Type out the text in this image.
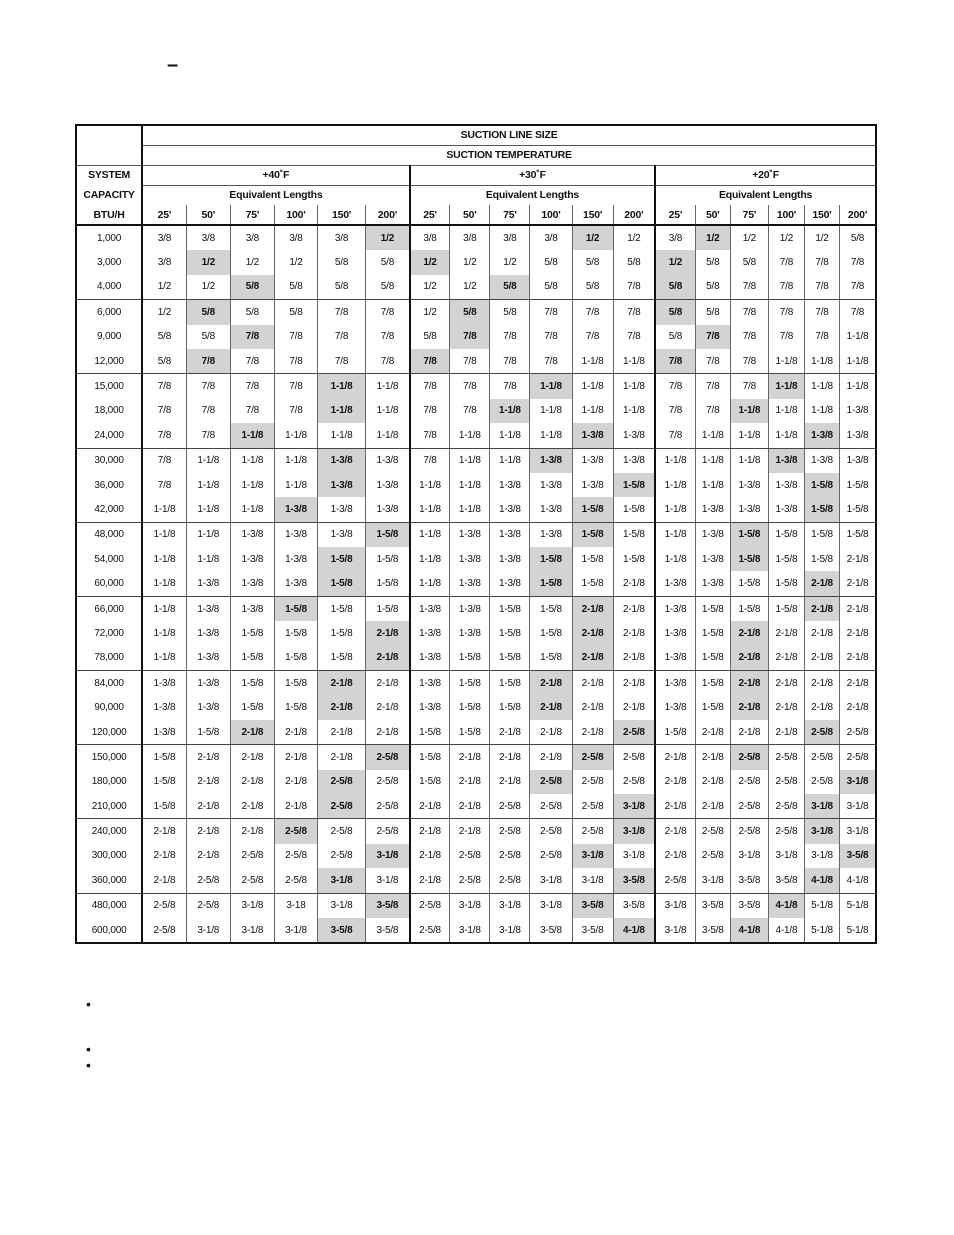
–
	SUCTION LINE SIZE																	
	SUCTION TEMPERATURE																	
SYSTEM	+40˚F						+30˚F						+20˚F					
CAPACITY	Equivalent Lengths						Equivalent Lengths						Equivalent Lengths					
BTU/H	25'	50'	75'	100'	150'	200'	25'	50'	75'	100'	150'	200'	25'	50'	75'	100'	150'	200'
1,000	3/8	3/8	3/8	3/8	3/8	1/2	3/8	3/8	3/8	3/8	1/2	1/2	3/8	1/2	1/2	1/2	1/2	5/8
3,000	3/8	1/2	1/2	1/2	5/8	5/8	1/2	1/2	1/2	5/8	5/8	5/8	1/2	5/8	5/8	7/8	7/8	7/8
4,000	1/2	1/2	5/8	5/8	5/8	5/8	1/2	1/2	5/8	5/8	5/8	7/8	5/8	5/8	7/8	7/8	7/8	7/8
6,000	1/2	5/8	5/8	5/8	7/8	7/8	1/2	5/8	5/8	7/8	7/8	7/8	5/8	5/8	7/8	7/8	7/8	7/8
9,000	5/8	5/8	7/8	7/8	7/8	7/8	5/8	7/8	7/8	7/8	7/8	7/8	5/8	7/8	7/8	7/8	7/8	1-1/8
12,000	5/8	7/8	7/8	7/8	7/8	7/8	7/8	7/8	7/8	7/8	1-1/8	1-1/8	7/8	7/8	7/8	1-1/8	1-1/8	1-1/8
15,000	7/8	7/8	7/8	7/8	1-1/8	1-1/8	7/8	7/8	7/8	1-1/8	1-1/8	1-1/8	7/8	7/8	7/8	1-1/8	1-1/8	1-1/8
18,000	7/8	7/8	7/8	7/8	1-1/8	1-1/8	7/8	7/8	1-1/8	1-1/8	1-1/8	1-1/8	7/8	7/8	1-1/8	1-1/8	1-1/8	1-3/8
24,000	7/8	7/8	1-1/8	1-1/8	1-1/8	1-1/8	7/8	1-1/8	1-1/8	1-1/8	1-3/8	1-3/8	7/8	1-1/8	1-1/8	1-1/8	1-3/8	1-3/8
30,000	7/8	1-1/8	1-1/8	1-1/8	1-3/8	1-3/8	7/8	1-1/8	1-1/8	1-3/8	1-3/8	1-3/8	1-1/8	1-1/8	1-1/8	1-3/8	1-3/8	1-3/8
36,000	7/8	1-1/8	1-1/8	1-1/8	1-3/8	1-3/8	1-1/8	1-1/8	1-3/8	1-3/8	1-3/8	1-5/8	1-1/8	1-1/8	1-3/8	1-3/8	1-5/8	1-5/8
42,000	1-1/8	1-1/8	1-1/8	1-3/8	1-3/8	1-3/8	1-1/8	1-1/8	1-3/8	1-3/8	1-5/8	1-5/8	1-1/8	1-3/8	1-3/8	1-3/8	1-5/8	1-5/8
48,000	1-1/8	1-1/8	1-3/8	1-3/8	1-3/8	1-5/8	1-1/8	1-3/8	1-3/8	1-3/8	1-5/8	1-5/8	1-1/8	1-3/8	1-5/8	1-5/8	1-5/8	1-5/8
54,000	1-1/8	1-1/8	1-3/8	1-3/8	1-5/8	1-5/8	1-1/8	1-3/8	1-3/8	1-5/8	1-5/8	1-5/8	1-1/8	1-3/8	1-5/8	1-5/8	1-5/8	2-1/8
60,000	1-1/8	1-3/8	1-3/8	1-3/8	1-5/8	1-5/8	1-1/8	1-3/8	1-3/8	1-5/8	1-5/8	2-1/8	1-3/8	1-3/8	1-5/8	1-5/8	2-1/8	2-1/8
66,000	1-1/8	1-3/8	1-3/8	1-5/8	1-5/8	1-5/8	1-3/8	1-3/8	1-5/8	1-5/8	2-1/8	2-1/8	1-3/8	1-5/8	1-5/8	1-5/8	2-1/8	2-1/8
72,000	1-1/8	1-3/8	1-5/8	1-5/8	1-5/8	2-1/8	1-3/8	1-3/8	1-5/8	1-5/8	2-1/8	2-1/8	1-3/8	1-5/8	2-1/8	2-1/8	2-1/8	2-1/8
78,000	1-1/8	1-3/8	1-5/8	1-5/8	1-5/8	2-1/8	1-3/8	1-5/8	1-5/8	1-5/8	2-1/8	2-1/8	1-3/8	1-5/8	2-1/8	2-1/8	2-1/8	2-1/8
84,000	1-3/8	1-3/8	1-5/8	1-5/8	2-1/8	2-1/8	1-3/8	1-5/8	1-5/8	2-1/8	2-1/8	2-1/8	1-3/8	1-5/8	2-1/8	2-1/8	2-1/8	2-1/8
90,000	1-3/8	1-3/8	1-5/8	1-5/8	2-1/8	2-1/8	1-3/8	1-5/8	1-5/8	2-1/8	2-1/8	2-1/8	1-3/8	1-5/8	2-1/8	2-1/8	2-1/8	2-1/8
120,000	1-3/8	1-5/8	2-1/8	2-1/8	2-1/8	2-1/8	1-5/8	1-5/8	2-1/8	2-1/8	2-1/8	2-5/8	1-5/8	2-1/8	2-1/8	2-1/8	2-5/8	2-5/8
150,000	1-5/8	2-1/8	2-1/8	2-1/8	2-1/8	2-5/8	1-5/8	2-1/8	2-1/8	2-1/8	2-5/8	2-5/8	2-1/8	2-1/8	2-5/8	2-5/8	2-5/8	2-5/8
180,000	1-5/8	2-1/8	2-1/8	2-1/8	2-5/8	2-5/8	1-5/8	2-1/8	2-1/8	2-5/8	2-5/8	2-5/8	2-1/8	2-1/8	2-5/8	2-5/8	2-5/8	3-1/8
210,000	1-5/8	2-1/8	2-1/8	2-1/8	2-5/8	2-5/8	2-1/8	2-1/8	2-5/8	2-5/8	2-5/8	3-1/8	2-1/8	2-1/8	2-5/8	2-5/8	3-1/8	3-1/8
240,000	2-1/8	2-1/8	2-1/8	2-5/8	2-5/8	2-5/8	2-1/8	2-1/8	2-5/8	2-5/8	2-5/8	3-1/8	2-1/8	2-5/8	2-5/8	2-5/8	3-1/8	3-1/8
300,000	2-1/8	2-1/8	2-5/8	2-5/8	2-5/8	3-1/8	2-1/8	2-5/8	2-5/8	2-5/8	3-1/8	3-1/8	2-1/8	2-5/8	3-1/8	3-1/8	3-1/8	3-5/8
360,000	2-1/8	2-5/8	2-5/8	2-5/8	3-1/8	3-1/8	2-1/8	2-5/8	2-5/8	3-1/8	3-1/8	3-5/8	2-5/8	3-1/8	3-5/8	3-5/8	4-1/8	4-1/8
480,000	2-5/8	2-5/8	3-1/8	3-18	3-1/8	3-5/8	2-5/8	3-1/8	3-1/8	3-1/8	3-5/8	3-5/8	3-1/8	3-5/8	3-5/8	4-1/8	5-1/8	5-1/8
600,000	2-5/8	3-1/8	3-1/8	3-1/8	3-5/8	3-5/8	2-5/8	3-1/8	3-1/8	3-5/8	3-5/8	4-1/8	3-1/8	3-5/8	4-1/8	4-1/8	5-1/8	5-1/8
•
•
•
